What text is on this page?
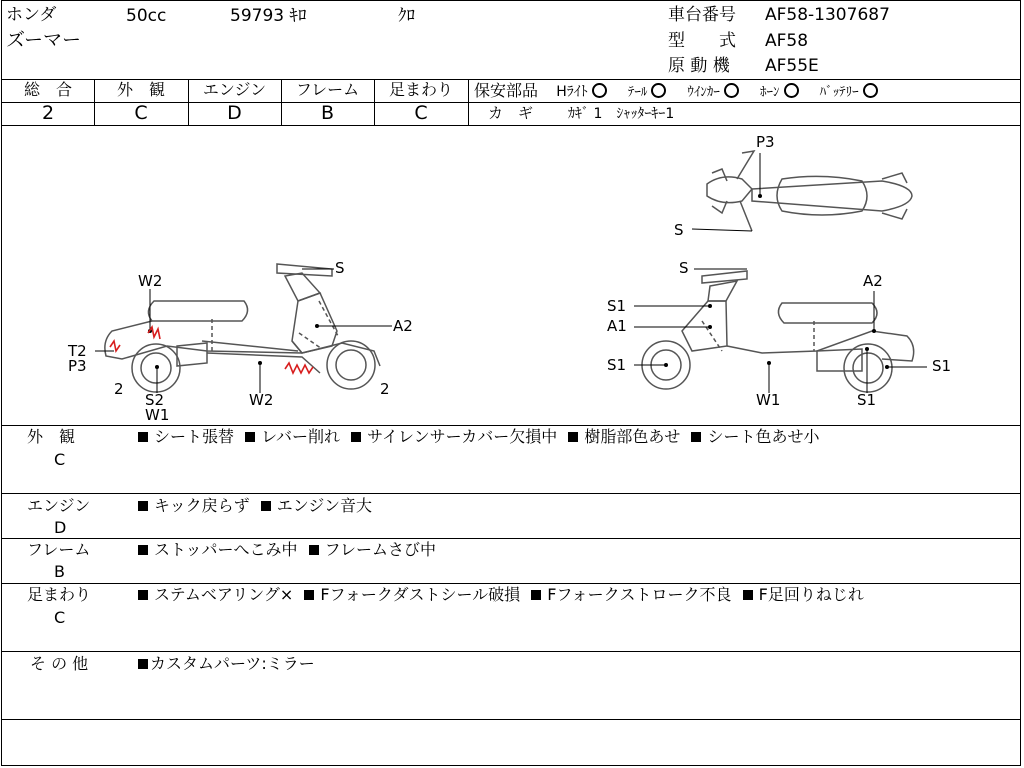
ホンダ	50cc	59793 ｷﾛ	ｸﾛ
ズーマー
車台番号 AF58-1307687
型　　式 AF58
原 動 機 AF55E
総　合	外　観	エンジン	フレーム	足まわり
2	C	D	B	C
保安部品 Hﾗｲﾄ	ﾃｰﾙ	ｳｲﾝｶｰ	ﾎｰﾝ	ﾊﾞｯﾃﾘｰ
カ　ギ ｶｷﾞ 1　ｼｬｯﾀｰｷｰ1
W2
S
A2
T2
P3
2
S2
W1
W2
2
P3
S
S
S1
A1
S1
W1	S1
A2
S1
外　観
C
シート張替 レバー削れ サイレンサーカバー欠損中 樹脂部色あせ シート色あせ小
エンジン
D
キック戻らず エンジン音大
フレーム
B
ストッパーへこみ中 フレームさび中
足まわり
C
ステムベアリング× Fフォークダストシール破損 Fフォークストローク不良 F足回りねじれ
そ の 他	カスタムパーツ:ミラー
